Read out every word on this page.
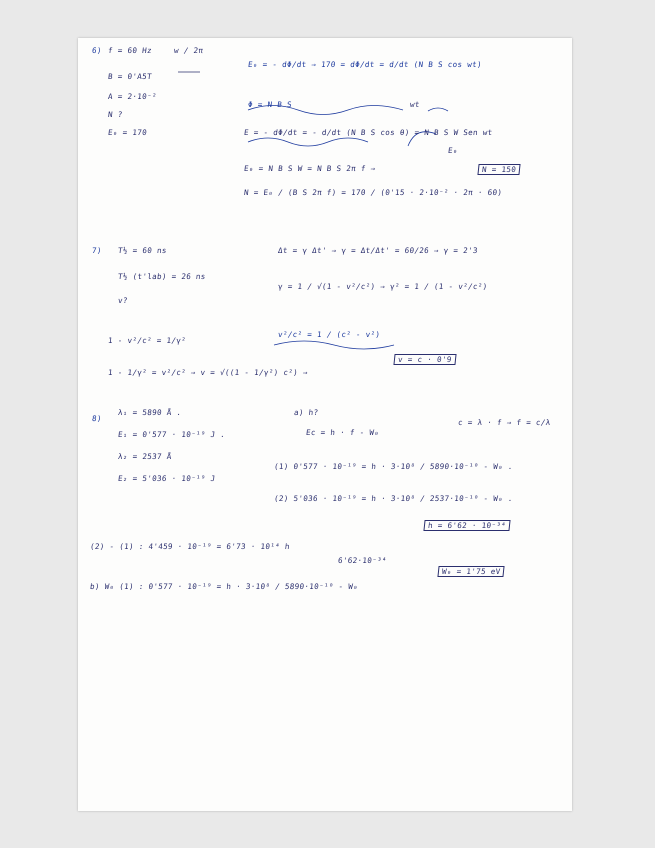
6) f = 60 Hz	w / 2π
B = 0'A5T
A = 2·10⁻²
N ?
E₀ = 170
E₀ = - dΦ/dt ⇒ 170 = dΦ/dt = d/dt (N B S cos wt)
Φ = N B S	wt
E = - dΦ/dt = - d/dt (N B S cos θ) = N B S W Sen wt
E₀
E₀ = N B S W = N B S 2π f ⇒
N = E₀ / (B S 2π f) = 170 / (0'15 · 2·10⁻² · 2π · 60)
N = 150
7) T½ = 60 ns
T½ (t'lab) = 26 ns
v?
Δt = γ Δt' ⇒ γ = Δt/Δt' = 60/26 ⇒ γ = 2'3
γ = 1 / √(1 - v²/c²) ⇒ γ² = 1 / (1 - v²/c²)
1 - v²/c² = 1/γ²
v²/c² = 1 / (c² - v²)
1 - 1/γ² = v²/c² ⇒ v = √((1 - 1/γ²) c²) ⇒
v = c · 0'9
8)
λ₁ = 5890 Å .
E₁ = 0'577 · 10⁻¹⁹ J .
λ₂ = 2537 Å
E₂ = 5'036 · 10⁻¹⁹ J
a) h?
Ec = h · f - W₀
c = λ · f ⇒ f = c/λ
(1) 0'577 · 10⁻¹⁹ = h · 3·10⁸ / 5890·10⁻¹⁰ - W₀ .
(2) 5'036 · 10⁻¹⁹ = h · 3·10⁸ / 2537·10⁻¹⁰ - W₀ .
(2) - (1) : 4'459 · 10⁻¹⁹ = 6'73 · 10¹⁴ h
h = 6'62 · 10⁻³⁴
6'62·10⁻³⁴
b) W₀ (1) : 0'577 · 10⁻¹⁹ = h · 3·10⁸ / 5890·10⁻¹⁰ - W₀
W₀ = 1'75 eV
